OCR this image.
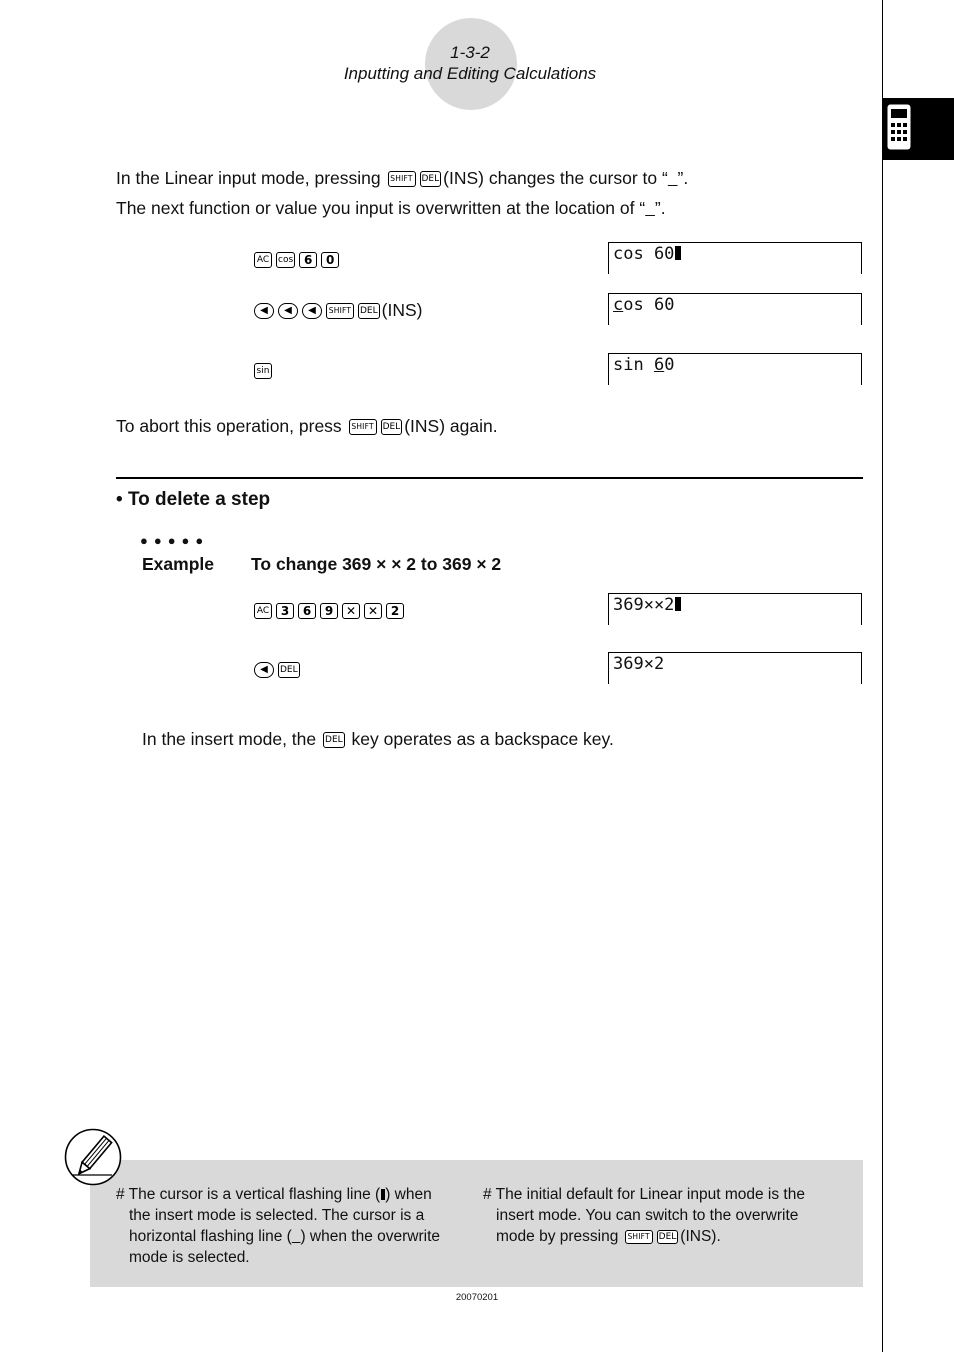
1-3-2
Inputting and Editing Calculations
In the Linear input mode, pressing SHIFT DEL (INS) changes the cursor to “ ”.
The next function or value you input is overwritten at the location of “ ”.
AC cos 6 0	cos 60
◀ ◀ ◀ SHIFT DEL (INS)	cos 60
sin	sin 60
To abort this operation, press SHIFT DEL (INS) again.
• To delete a step
●●●●●
Example To change 369 × × 2 to 369 × 2
AC 3 6 9 ✕ ✕ 2	369××2
◀ DEL	369×2
In the insert mode, the DEL key operates as a backspace key.
# The cursor is a vertical flashing line ( ) when
the insert mode is selected. The cursor is a
horizontal flashing line ( ) when the overwrite
mode is selected.
# The initial default for Linear input mode is the
insert mode. You can switch to the overwrite
mode by pressing SHIFT DEL (INS).
20070201
